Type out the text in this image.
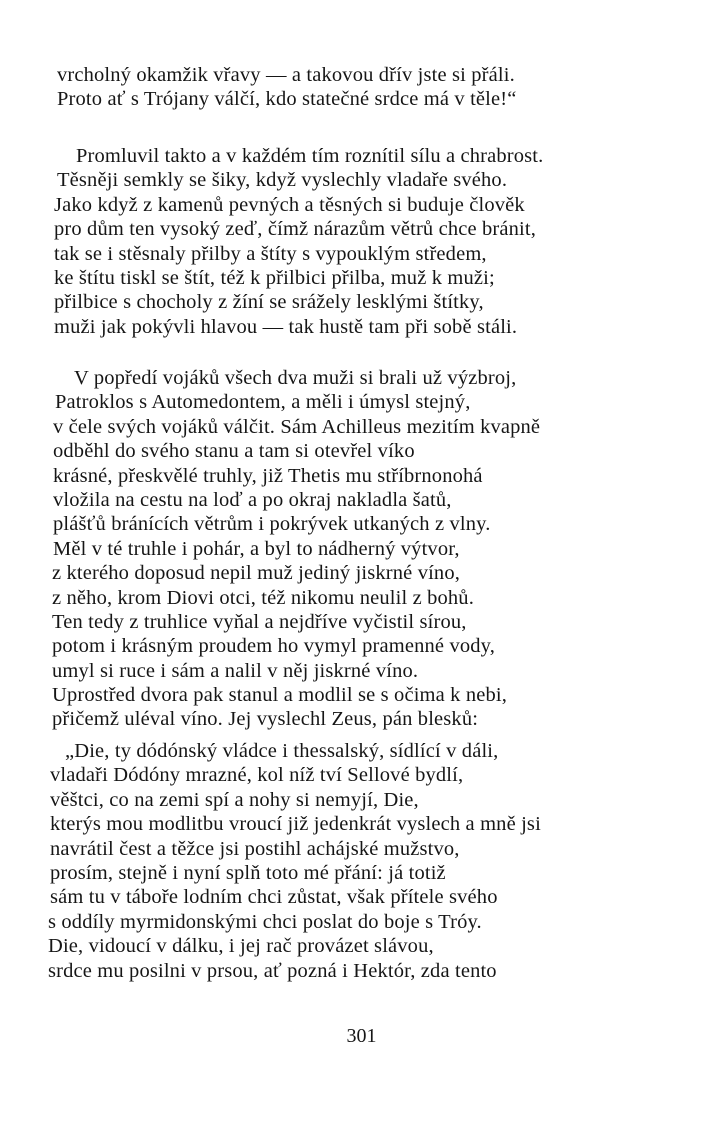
vrcholný okamžik vřavy — a takovou dřív jste si přáli.
Proto ať s Trójany válčí, kdo statečné srdce má v těle!“
Promluvil takto a v každém tím roznítil sílu a chrabrost.
Těsněji semkly se šiky, když vyslechly vladaře svého.
Jako když z kamenů pevných a těsných si buduje člověk
pro dům ten vysoký zeď, čímž nárazům větrů chce bránit,
tak se i stěsnaly přilby a štíty s vypouklým středem,
ke štítu tiskl se štít, též k přilbici přilba, muž k muži;
přilbice s chocholy z žíní se srážely lesklými štítky,
muži jak pokývli hlavou — tak hustě tam při sobě stáli.
V popředí vojáků všech dva muži si brali už výzbroj,
Patroklos s Automedontem, a měli i úmysl stejný,
v čele svých vojáků válčit. Sám Achilleus mezitím kvapně
odběhl do svého stanu a tam si otevřel víko
krásné, přeskvělé truhly, již Thetis mu stříbrnonohá
vložila na cestu na loď a po okraj nakladla šatů,
plášťů bránících větrům i pokrývek utkaných z vlny.
Měl v té truhle i pohár, a byl to nádherný výtvor,
z kterého doposud nepil muž jediný jiskrné víno,
z něho, krom Diovi otci, též nikomu neulil z bohů.
Ten tedy z truhlice vyňal a nejdříve vyčistil sírou,
potom i krásným proudem ho vymyl pramenné vody,
umyl si ruce i sám a nalil v něj jiskrné víno.
Uprostřed dvora pak stanul a modlil se s očima k nebi,
přičemž uléval víno. Jej vyslechl Zeus, pán blesků:
„Die, ty dódónský vládce i thessalský, sídlící v dáli,
vladaři Dódóny mrazné, kol níž tví Sellové bydlí,
věštci, co na zemi spí a nohy si nemyjí, Die,
kterýs mou modlitbu vroucí již jedenkrát vyslech a mně jsi
navrátil čest a těžce jsi postihl achájské mužstvo,
prosím, stejně i nyní splň toto mé přání: já totiž
sám tu v táboře lodním chci zůstat, však přítele svého
s oddíly myrmidonskými chci poslat do boje s Tróy.
Die, vidoucí v dálku, i jej rač provázet slávou,
srdce mu posilni v prsou, ať pozná i Hektór, zda tento
301
